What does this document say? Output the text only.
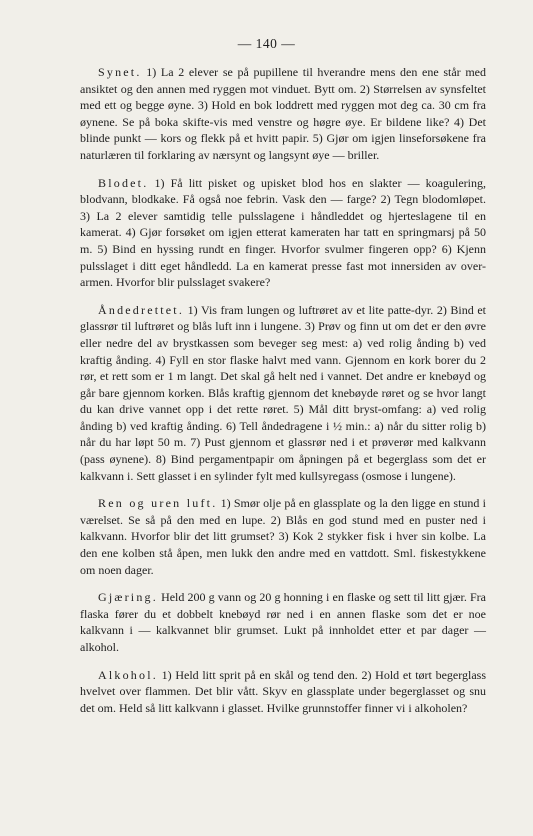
— 140 —

Synet. 1) La 2 elever se på pupillene til hverandre mens den ene står med ansiktet og den annen med ryggen mot vinduet. Bytt om. 2) Størrelsen av synsfeltet med ett og begge øyne. 3) Hold en bok loddrett med ryggen mot deg ca. 30 cm fra øynene. Se på boka skifte-vis med venstre og høgre øye. Er bildene like? 4) Det blinde punkt — kors og flekk på et hvitt papir. 5) Gjør om igjen linseforsøkene fra naturlæren til forklaring av nærsynt og langsynt øye — briller.

Blodet. 1) Få litt pisket og upisket blod hos en slakter — koagulering, blodvann, blodkake. Få også noe febrin. Vask den — farge? 2) Tegn blodomløpet. 3) La 2 elever samtidig telle pulsslagene i håndleddet og hjerteslagene til en kamerat. 4) Gjør forsøket om igjen etterat kameraten har tatt en springmarsj på 50 m. 5) Bind en hyssing rundt en finger. Hvorfor svulmer fingeren opp? 6) Kjenn pulsslaget i ditt eget håndledd. La en kamerat presse fast mot innersiden av over-armen. Hvorfor blir pulsslaget svakere?

Åndedrettet. 1) Vis fram lungen og luftrøret av et lite patte-dyr. 2) Bind et glassrør til luftrøret og blås luft inn i lungene. 3) Prøv og finn ut om det er den øvre eller nedre del av brystkassen som beveger seg mest: a) ved rolig ånding b) ved kraftig ånding. 4) Fyll en stor flaske halvt med vann. Gjennom en kork borer du 2 rør, et rett som er 1 m langt. Det skal gå helt ned i vannet. Det andre er knebøyd og går bare gjennom korken. Blås kraftig gjennom det knebøyde røret og se hvor langt du kan drive vannet opp i det rette røret. 5) Mål ditt bryst-omfang: a) ved rolig ånding b) ved kraftig ånding. 6) Tell åndedragene i ½ min.: a) når du sitter rolig b) når du har løpt 50 m. 7) Pust gjennom et glassrør ned i et prøverør med kalkvann (pass øynene). 8) Bind pergamentpapir om åpningen på et begerglass som det er kalkvann i. Sett glasset i en sylinder fylt med kullsyregass (osmose i lungene).

Ren og uren luft. 1) Smør olje på en glassplate og la den ligge en stund i værelset. Se så på den med en lupe. 2) Blås en god stund med en puster ned i kalkvann. Hvorfor blir det litt grumset? 3) Kok 2 stykker fisk i hver sin kolbe. La den ene kolben stå åpen, men lukk den andre med en vattdott. Sml. fiskestykkene om noen dager.

Gjæring. Held 200 g vann og 20 g honning i en flaske og sett til litt gjær. Fra flaska fører du et dobbelt knebøyd rør ned i en annen flaske som det er noe kalkvann i — kalkvannet blir grumset. Lukt på innholdet etter et par dager — alkohol.

Alkohol. 1) Held litt sprit på en skål og tend den. 2) Hold et tørt begerglass hvelvet over flammen. Det blir vått. Skyv en glassplate under begerglasset og snu det om. Held så litt kalkvann i glasset. Hvilke grunnstoffer finner vi i alkoholen?
